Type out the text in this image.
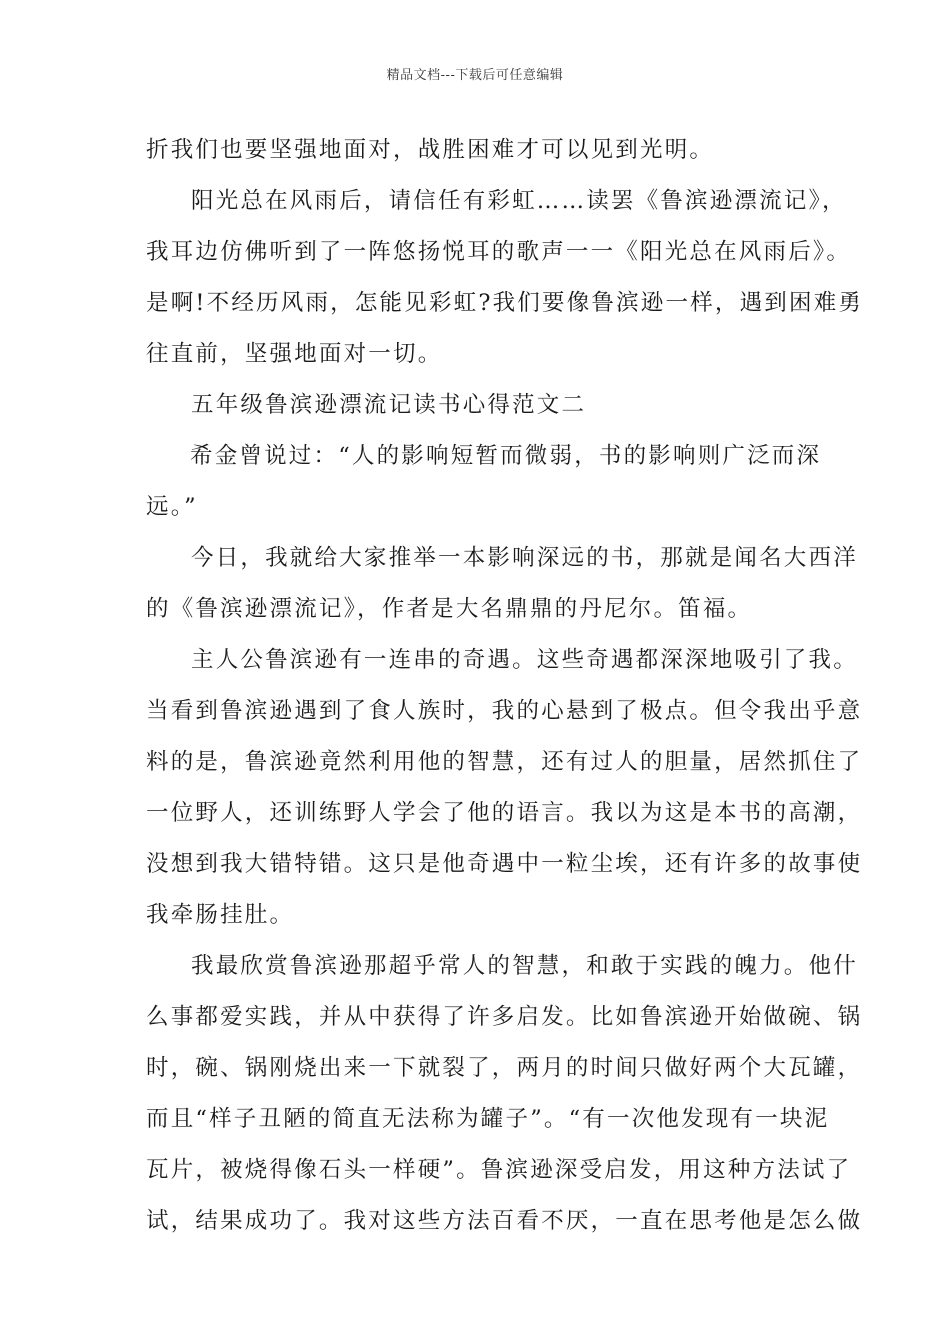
精品文档---下载后可任意编辑
折我们也要坚强地面对，战胜困难才可以见到光明。
阳光总在风雨后，请信任有彩虹……读罢《鲁滨逊漂流记》，
我耳边仿佛听到了一阵悠扬悦耳的歌声一一《阳光总在风雨后》。
是啊!不经历风雨，怎能见彩虹?我们要像鲁滨逊一样，遇到困难勇
往直前，坚强地面对一切。
五年级鲁滨逊漂流记读书心得范文二
希金曾说过：“人的影响短暂而微弱，书的影响则广泛而深
远。”
今日，我就给大家推举一本影响深远的书，那就是闻名大西洋
的《鲁滨逊漂流记》，作者是大名鼎鼎的丹尼尔。笛福。
主人公鲁滨逊有一连串的奇遇。这些奇遇都深深地吸引了我。
当看到鲁滨逊遇到了食人族时，我的心悬到了极点。但令我出乎意
料的是，鲁滨逊竟然利用他的智慧，还有过人的胆量，居然抓住了
一位野人，还训练野人学会了他的语言。我以为这是本书的高潮，
没想到我大错特错。这只是他奇遇中一粒尘埃，还有许多的故事使
我牵肠挂肚。
我最欣赏鲁滨逊那超乎常人的智慧，和敢于实践的魄力。他什
么事都爱实践，并从中获得了许多启发。比如鲁滨逊开始做碗、锅
时，碗、锅刚烧出来一下就裂了，两月的时间只做好两个大瓦罐，
而且“样子丑陋的简直无法称为罐子”。“有一次他发现有一块泥
瓦片，被烧得像石头一样硬”。鲁滨逊深受启发，用这种方法试了
试，结果成功了。我对这些方法百看不厌，一直在思考他是怎么做
